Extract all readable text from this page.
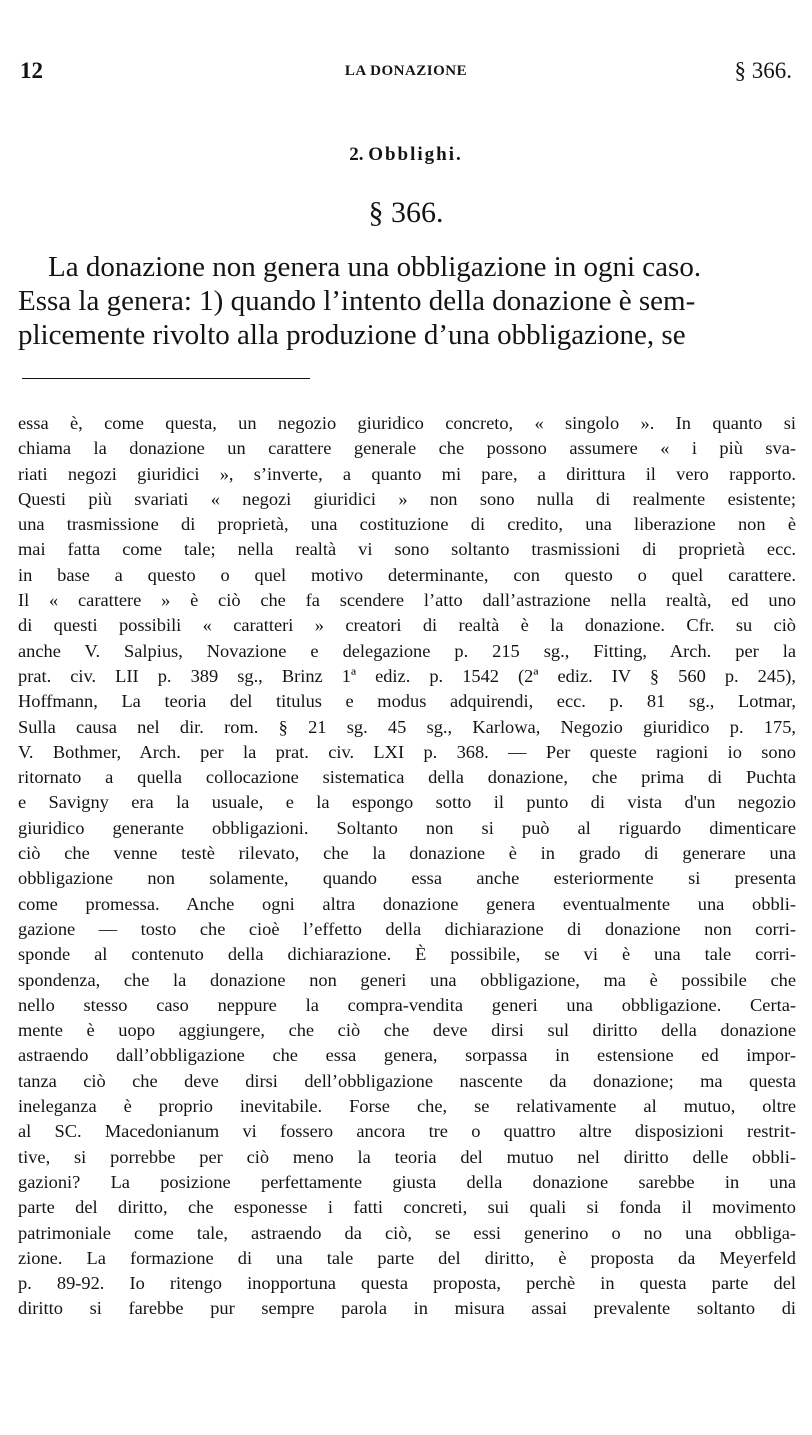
12	LA DONAZIONE	§ 366.
2. Obblighi.
§ 366.
La donazione non genera una obbligazione in ogni caso.
Essa la genera: 1) quando l’intento della donazione è sem-
plicemente rivolto alla produzione d’una obbligazione, se
essa è, come questa, un negozio giuridico concreto, « singolo ». In quanto si
chiama la donazione un carattere generale che possono assumere « i più sva-
riati negozi giuridici », s’inverte, a quanto mi pare, a dirittura il vero rapporto.
Questi più svariati « negozi giuridici » non sono nulla di realmente esistente;
una trasmissione di proprietà, una costituzione di credito, una liberazione non è
mai fatta come tale; nella realtà vi sono soltanto trasmissioni di proprietà ecc.
in base a questo o quel motivo determinante, con questo o quel carattere.
Il « carattere » è ciò che fa scendere l’atto dall’astrazione nella realtà, ed uno
di questi possibili « caratteri » creatori di realtà è la donazione. Cfr. su ciò
anche V. Salpius, Novazione e delegazione p. 215 sg., Fitting, Arch. per la
prat. civ. LII p. 389 sg., Brinz 1ª ediz. p. 1542 (2ª ediz. IV § 560 p. 245),
Hoffmann, La teoria del titulus e modus adquirendi, ecc. p. 81 sg., Lotmar,
Sulla causa nel dir. rom. § 21 sg. 45 sg., Karlowa, Negozio giuridico p. 175,
V. Bothmer, Arch. per la prat. civ. LXI p. 368. — Per queste ragioni io sono
ritornato a quella collocazione sistematica della donazione, che prima di Puchta
e Savigny era la usuale, e la espongo sotto il punto di vista d'un negozio
giuridico generante obbligazioni. Soltanto non si può al riguardo dimenticare
ciò che venne testè rilevato, che la donazione è in grado di generare una
obbligazione non solamente, quando essa anche esteriormente si presenta
come promessa. Anche ogni altra donazione genera eventualmente una obbli-
gazione — tosto che cioè l’effetto della dichiarazione di donazione non corri-
sponde al contenuto della dichiarazione. È possibile, se vi è una tale corri-
spondenza, che la donazione non generi una obbligazione, ma è possibile che
nello stesso caso neppure la compra-vendita generi una obbligazione. Certa-
mente è uopo aggiungere, che ciò che deve dirsi sul diritto della donazione
astraendo dall’obbligazione che essa genera, sorpassa in estensione ed impor-
tanza ciò che deve dirsi dell’obbligazione nascente da donazione; ma questa
ineleganza è proprio inevitabile. Forse che, se relativamente al mutuo, oltre
al SC. Macedonianum vi fossero ancora tre o quattro altre disposizioni restrit-
tive, si porrebbe per ciò meno la teoria del mutuo nel diritto delle obbli-
gazioni? La posizione perfettamente giusta della donazione sarebbe in una
parte del diritto, che esponesse i fatti concreti, sui quali si fonda il movimento
patrimoniale come tale, astraendo da ciò, se essi generino o no una obbliga-
zione. La formazione di una tale parte del diritto, è proposta da Meyerfeld
p. 89-92. Io ritengo inopportuna questa proposta, perchè in questa parte del
diritto si farebbe pur sempre parola in misura assai prevalente soltanto di
